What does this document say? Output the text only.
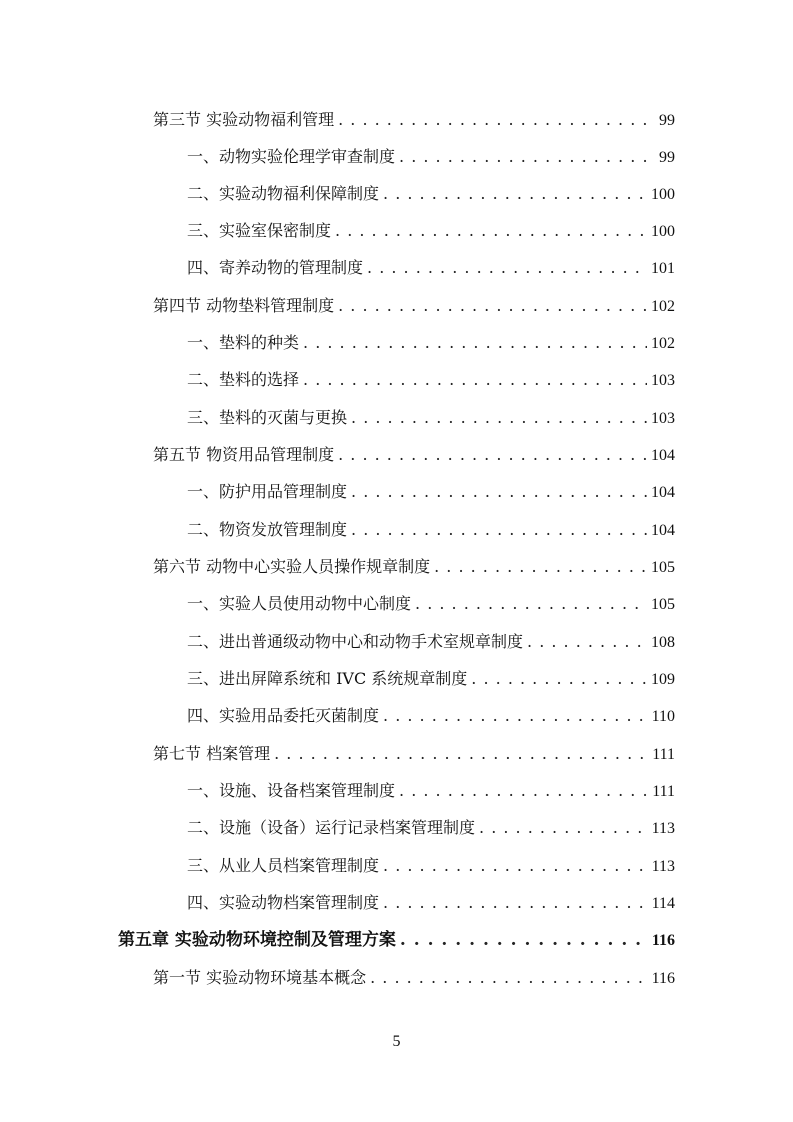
第三节 实验动物福利管理 . . .	99
一、动物实验伦理学审查制度 . . .	99
二、实验动物福利保障制度 . . .	100
三、实验室保密制度 . . .	100
四、寄养动物的管理制度 . . .	101
第四节 动物垫料管理制度 . . .	102
一、垫料的种类 . . .	102
二、垫料的选择 . . .	103
三、垫料的灭菌与更换 . . .	103
第五节 物资用品管理制度 . . .	104
一、防护用品管理制度 . . .	104
二、物资发放管理制度 . . .	104
第六节 动物中心实验人员操作规章制度 . . .	105
一、实验人员使用动物中心制度 . . .	105
二、进出普通级动物中心和动物手术室规章制度 . . .	108
三、进出屏障系统和 IVC 系统规章制度 . . .	109
四、实验用品委托灭菌制度 . . .	110
第七节 档案管理 . . .	111
一、设施、设备档案管理制度 . . .	111
二、设施（设备）运行记录档案管理制度 . . .	113
三、从业人员档案管理制度 . . .	113
四、实验动物档案管理制度 . . .	114
第五章 实验动物环境控制及管理方案 . . .	116
第一节 实验动物环境基本概念 . . .	116
5
